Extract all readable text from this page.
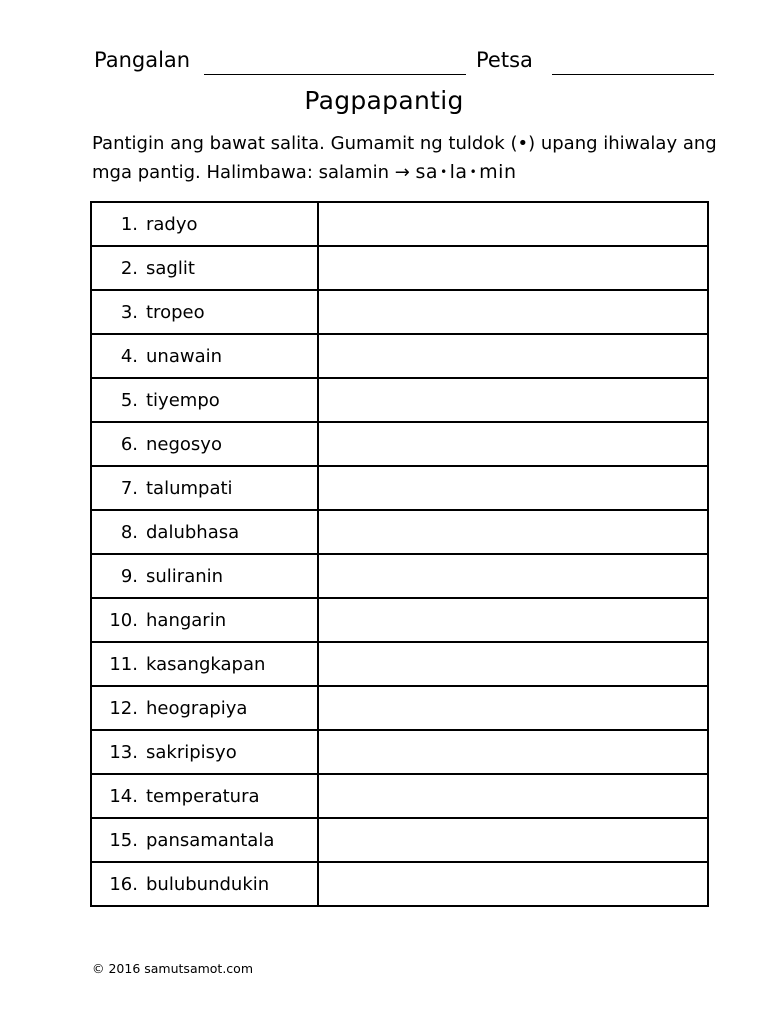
Pangalan	Petsa
Pagpapantig
Pantigin ang bawat salita. Gumamit ng tuldok (•) upang ihiwalay ang mga pantig. Halimbawa: salamin → sa • la • min
1. radyo	
2. saglit	
3. tropeo	
4. unawain	
5. tiyempo	
6. negosyo	
7. talumpati	
8. dalubhasa	
9. suliranin	
10. hangarin	
11. kasangkapan	
12. heograpiya	
13. sakripisyo	
14. temperatura	
15. pansamantala	
16. bulubundukin	
© 2016 samutsamot.com
